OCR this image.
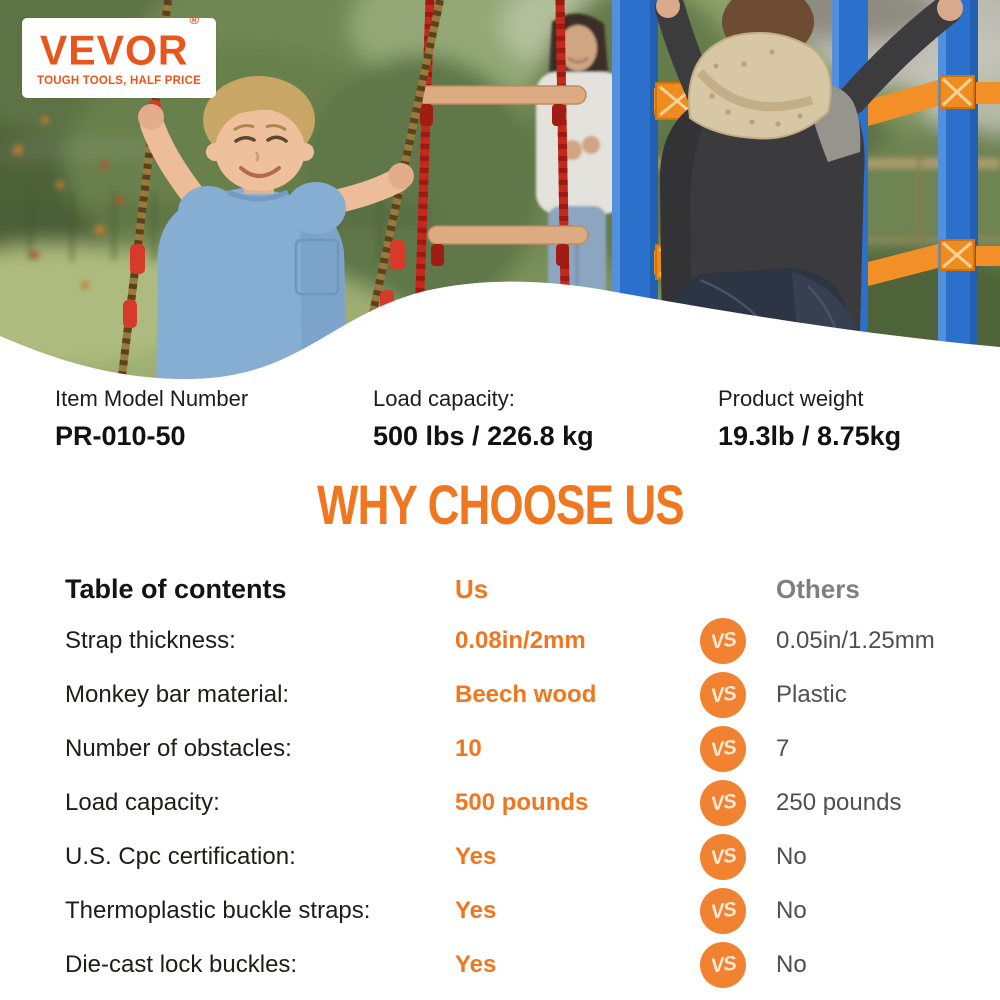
VEVOR®
TOUGH TOOLS, HALF PRICE
Item Model Number
PR-010-50
Load capacity:
500 lbs / 226.8 kg
Product weight
19.3lb / 8.75kg
WHY CHOOSE US
Table of contents	Us	Others
Strap thickness:	0.08in/2mm	VS 0.05in/1.25mm
Monkey bar material:	Beech wood	VS Plastic
Number of obstacles:	10	VS 7
Load capacity:	500 pounds	VS 250 pounds
U.S. Cpc certification:	Yes	VS No
Thermoplastic buckle straps:	Yes	VS No
Die-cast lock buckles:	Yes	VS No
